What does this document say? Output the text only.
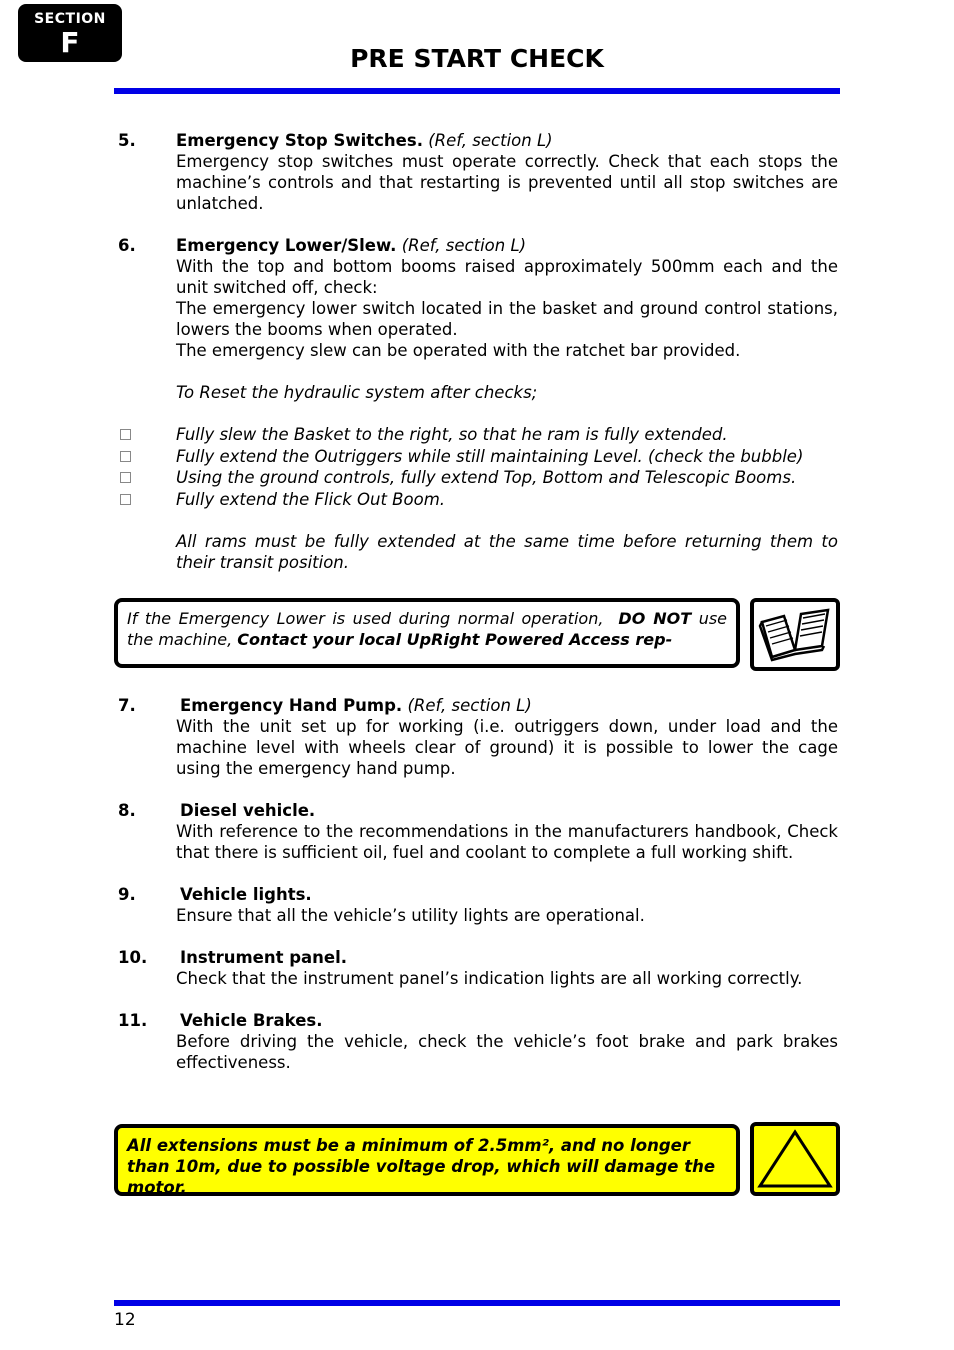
SECTION
F	PRE START CHECK
5. Emergency Stop Switches. (Ref, section L)

Emergency stop switches must operate correctly. Check that each stops the machine’s controls and that restarting is prevented until all stop switches are unlatched.

6. Emergency Lower/Slew. (Ref, section L)

With the top and bottom booms raised approximately 500mm each and the unit switched off, check:

The emergency lower switch located in the basket and ground control stations, lowers the booms when operated.

The emergency slew can be operated with the ratchet bar provided.

To Reset the hydraulic system after checks;
Fully slew the Basket to the right, so that he ram is fully extended.
Fully extend the Outriggers while still maintaining Level. (check the bubble)
Using the ground controls, fully extend Top, Bottom and Telescopic Booms.
Fully extend the Flick Out Boom.
All rams must be fully extended at the same time before returning them to their transit position.
If the Emergency Lower is used during normal operation, DO NOT use the machine, Contact your local UpRight Powered Access rep-
7.	Emergency Hand Pump. (Ref, section L)

With the unit set up for working (i.e. outriggers down, under load and the machine level with wheels clear of ground) it is possible to lower the cage using the emergency hand pump.

8.	Diesel vehicle.

With reference to the recommendations in the manufacturers handbook, Check that there is sufficient oil, fuel and coolant to complete a full working shift.

9.	Vehicle lights.

Ensure that all the vehicle’s utility lights are operational.

10. Instrument panel.

Check that the instrument panel’s indication lights are all working correctly.

11. Vehicle Brakes.

Before driving the vehicle, check the vehicle’s foot brake and park brakes effectiveness.

All extensions must be a minimum of 2.5mm², and no longer than 10m, due to possible voltage drop, which will damage the motor.
12
